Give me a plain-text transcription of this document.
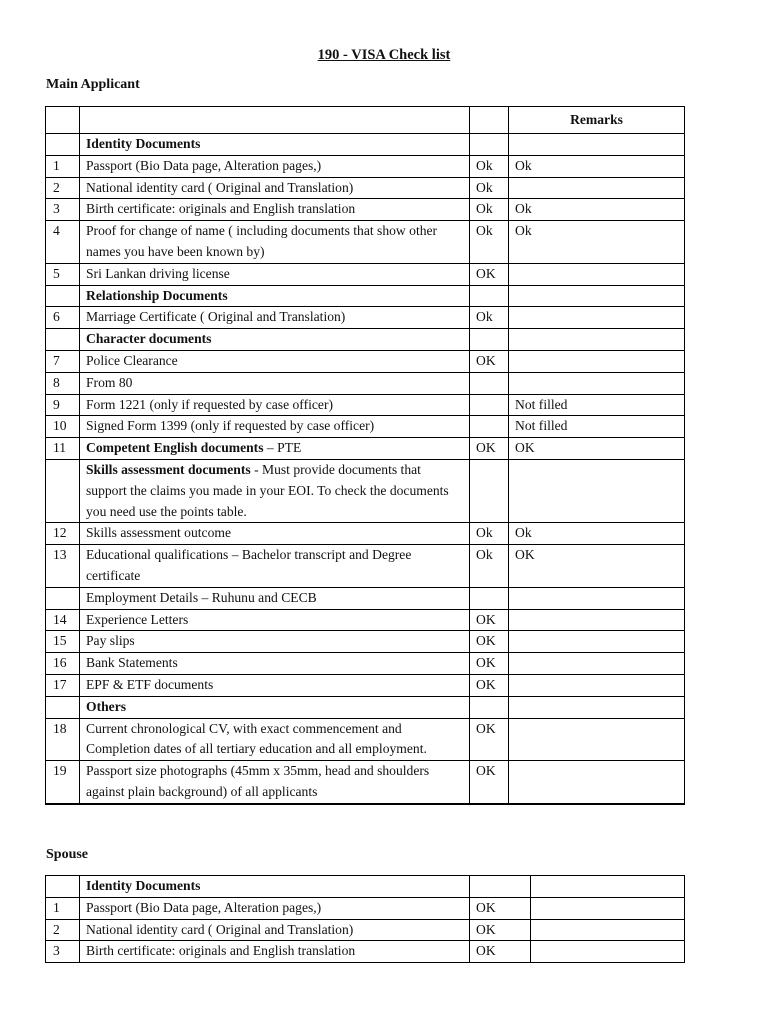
190 - VISA Check list
Main Applicant
			Remarks
	Identity Documents		
1	Passport (Bio Data page, Alteration pages,)	Ok	Ok
2	National identity card ( Original and Translation)	Ok	
3	Birth certificate: originals and English translation	Ok	Ok
4	Proof for change of name ( including documents that show other names you have been known by)	Ok	Ok
5	Sri Lankan driving license	OK	
	Relationship Documents		
6	Marriage Certificate ( Original and Translation)	Ok	
	Character documents		
7	Police Clearance	OK	
8	From 80		
9	Form 1221 (only if requested by case officer)		Not filled
10	Signed Form 1399 (only if requested by case officer)		Not filled
11	Competent English documents – PTE	OK	OK
	Skills assessment documents - Must provide documents that support the claims you made in your EOI. To check the documents you need use the points table.		
12	Skills assessment outcome	Ok	Ok
13	Educational qualifications – Bachelor transcript and Degree certificate	Ok	OK
	Employment Details – Ruhunu and CECB		
14	Experience Letters	OK	
15	Pay slips	OK	
16	Bank Statements	OK	
17	EPF & ETF documents	OK	
	Others		
18	Current chronological CV, with exact commencement and Completion dates of all tertiary education and all employment.	OK	
19	Passport size photographs (45mm x 35mm, head and shoulders against plain background) of all applicants	OK	

Spouse
	Identity Documents		
1	Passport (Bio Data page, Alteration pages,)	OK	
2	National identity card ( Original and Translation)	OK	
3	Birth certificate: originals and English translation	OK	
